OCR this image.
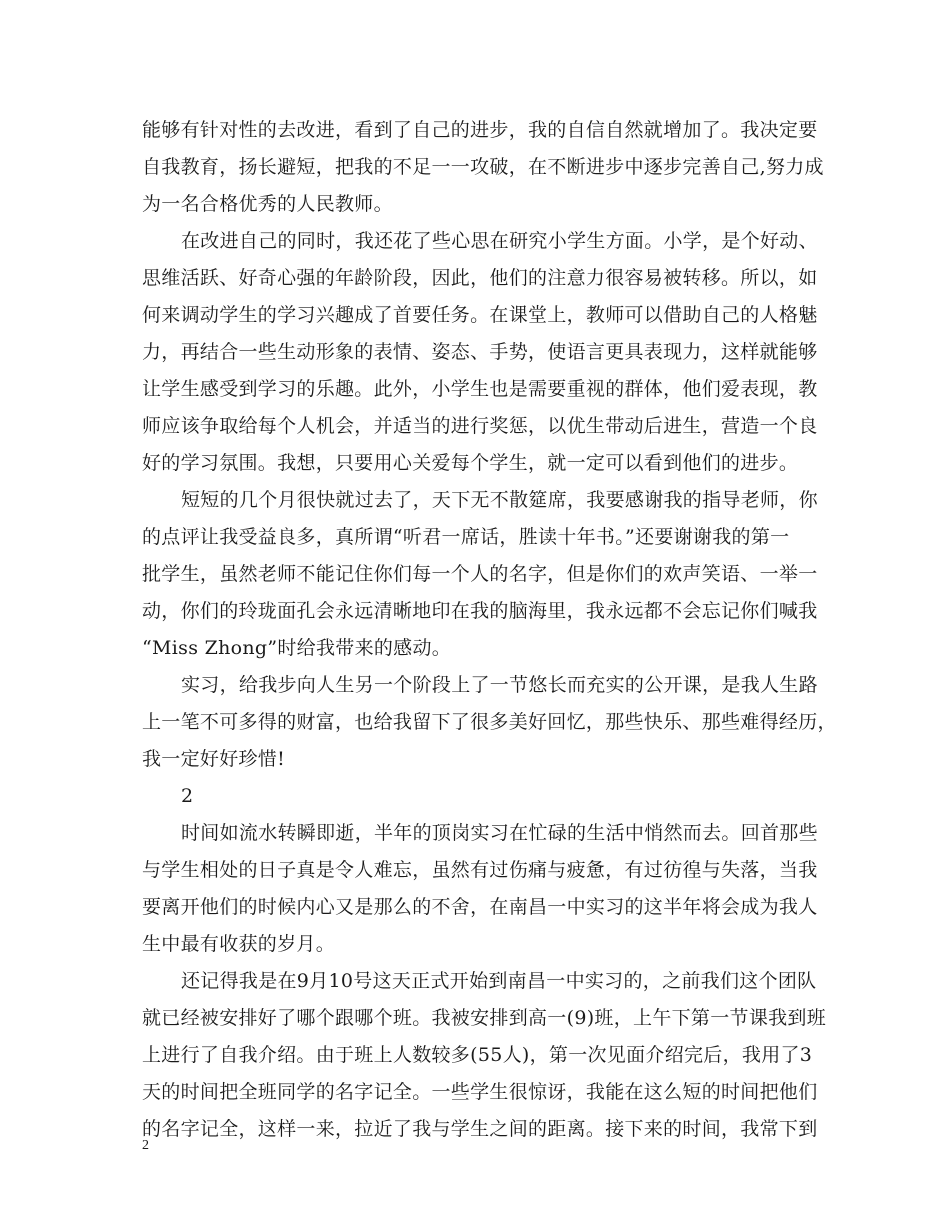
能够有针对性的去改进，看到了自己的进步，我的自信自然就增加了。我决定要
自我教育，扬长避短，把我的不足一一攻破，在不断进步中逐步完善自己,努力成
为一名合格优秀的人民教师。
在改进自己的同时，我还花了些心思在研究小学生方面。小学，是个好动、
思维活跃、好奇心强的年龄阶段，因此，他们的注意力很容易被转移。所以，如
何来调动学生的学习兴趣成了首要任务。在课堂上，教师可以借助自己的人格魅
力，再结合一些生动形象的表情、姿态、手势，使语言更具表现力，这样就能够
让学生感受到学习的乐趣。此外，小学生也是需要重视的群体，他们爱表现，教
师应该争取给每个人机会，并适当的进行奖惩，以优生带动后进生，营造一个良
好的学习氛围。我想，只要用心关爱每个学生，就一定可以看到他们的进步。
短短的几个月很快就过去了，天下无不散筵席，我要感谢我的指导老师，你
的点评让我受益良多，真所谓“听君一席话，胜读十年书。”还要谢谢我的第一
批学生，虽然老师不能记住你们每一个人的名字，但是你们的欢声笑语、一举一
动，你们的玲珑面孔会永远清晰地印在我的脑海里，我永远都不会忘记你们喊我
“Miss Zhong”时给我带来的感动。
实习，给我步向人生另一个阶段上了一节悠长而充实的公开课，是我人生路
上一笔不可多得的财富，也给我留下了很多美好回忆，那些快乐、那些难得经历，
我一定好好珍惜!
2
时间如流水转瞬即逝，半年的顶岗实习在忙碌的生活中悄然而去。回首那些
与学生相处的日子真是令人难忘，虽然有过伤痛与疲惫，有过彷徨与失落，当我
要离开他们的时候内心又是那么的不舍，在南昌一中实习的这半年将会成为我人
生中最有收获的岁月。
还记得我是在9月10号这天正式开始到南昌一中实习的，之前我们这个团队
就已经被安排好了哪个跟哪个班。我被安排到高一(9)班，上午下第一节课我到班
上进行了自我介绍。由于班上人数较多(55人)，第一次见面介绍完后，我用了3
天的时间把全班同学的名字记全。一些学生很惊讶，我能在这么短的时间把他们
的名字记全，这样一来，拉近了我与学生之间的距离。接下来的时间，我常下到
2
